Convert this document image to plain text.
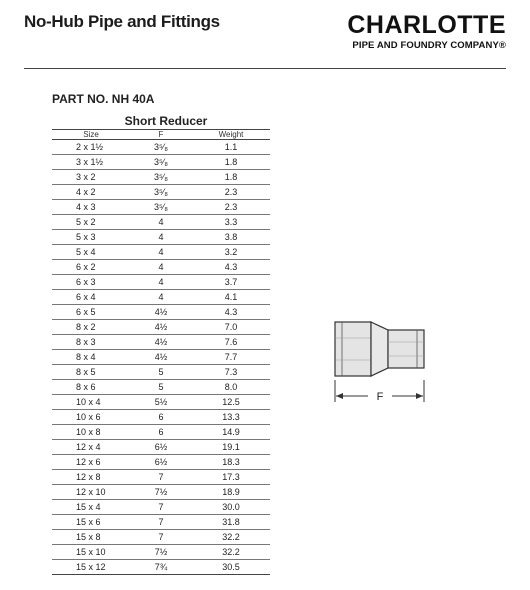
No-Hub Pipe and Fittings	CHARLOTTE
PIPE AND FOUNDRY COMPANY®
PART NO. NH 40A
Short Reducer
Size	F	Weight
2 x 1½	3⁵⁄₈	1.1
3 x 1½	3⁵⁄₈	1.8
3 x 2	3⁵⁄₈	1.8
4 x 2	3⁵⁄₈	2.3
4 x 3	3⁵⁄₈	2.3
5 x 2	4	3.3
5 x 3	4	3.8
5 x 4	4	3.2
6 x 2	4	4.3
6 x 3	4	3.7
6 x 4	4	4.1
6 x 5	4½	4.3
8 x 2	4½	7.0
8 x 3	4½	7.6
8 x 4	4½	7.7
8 x 5	5	7.3
8 x 6	5	8.0
10 x 4	5½	12.5
10 x 6	6	13.3
10 x 8	6	14.9
12 x 4	6½	19.1
12 x 6	6½	18.3
12 x 8	7	17.3
12 x 10	7½	18.9
15 x 4	7	30.0
15 x 6	7	31.8
15 x 8	7	32.2
15 x 10	7½	32.2
15 x 12	7¾	30.5
F
